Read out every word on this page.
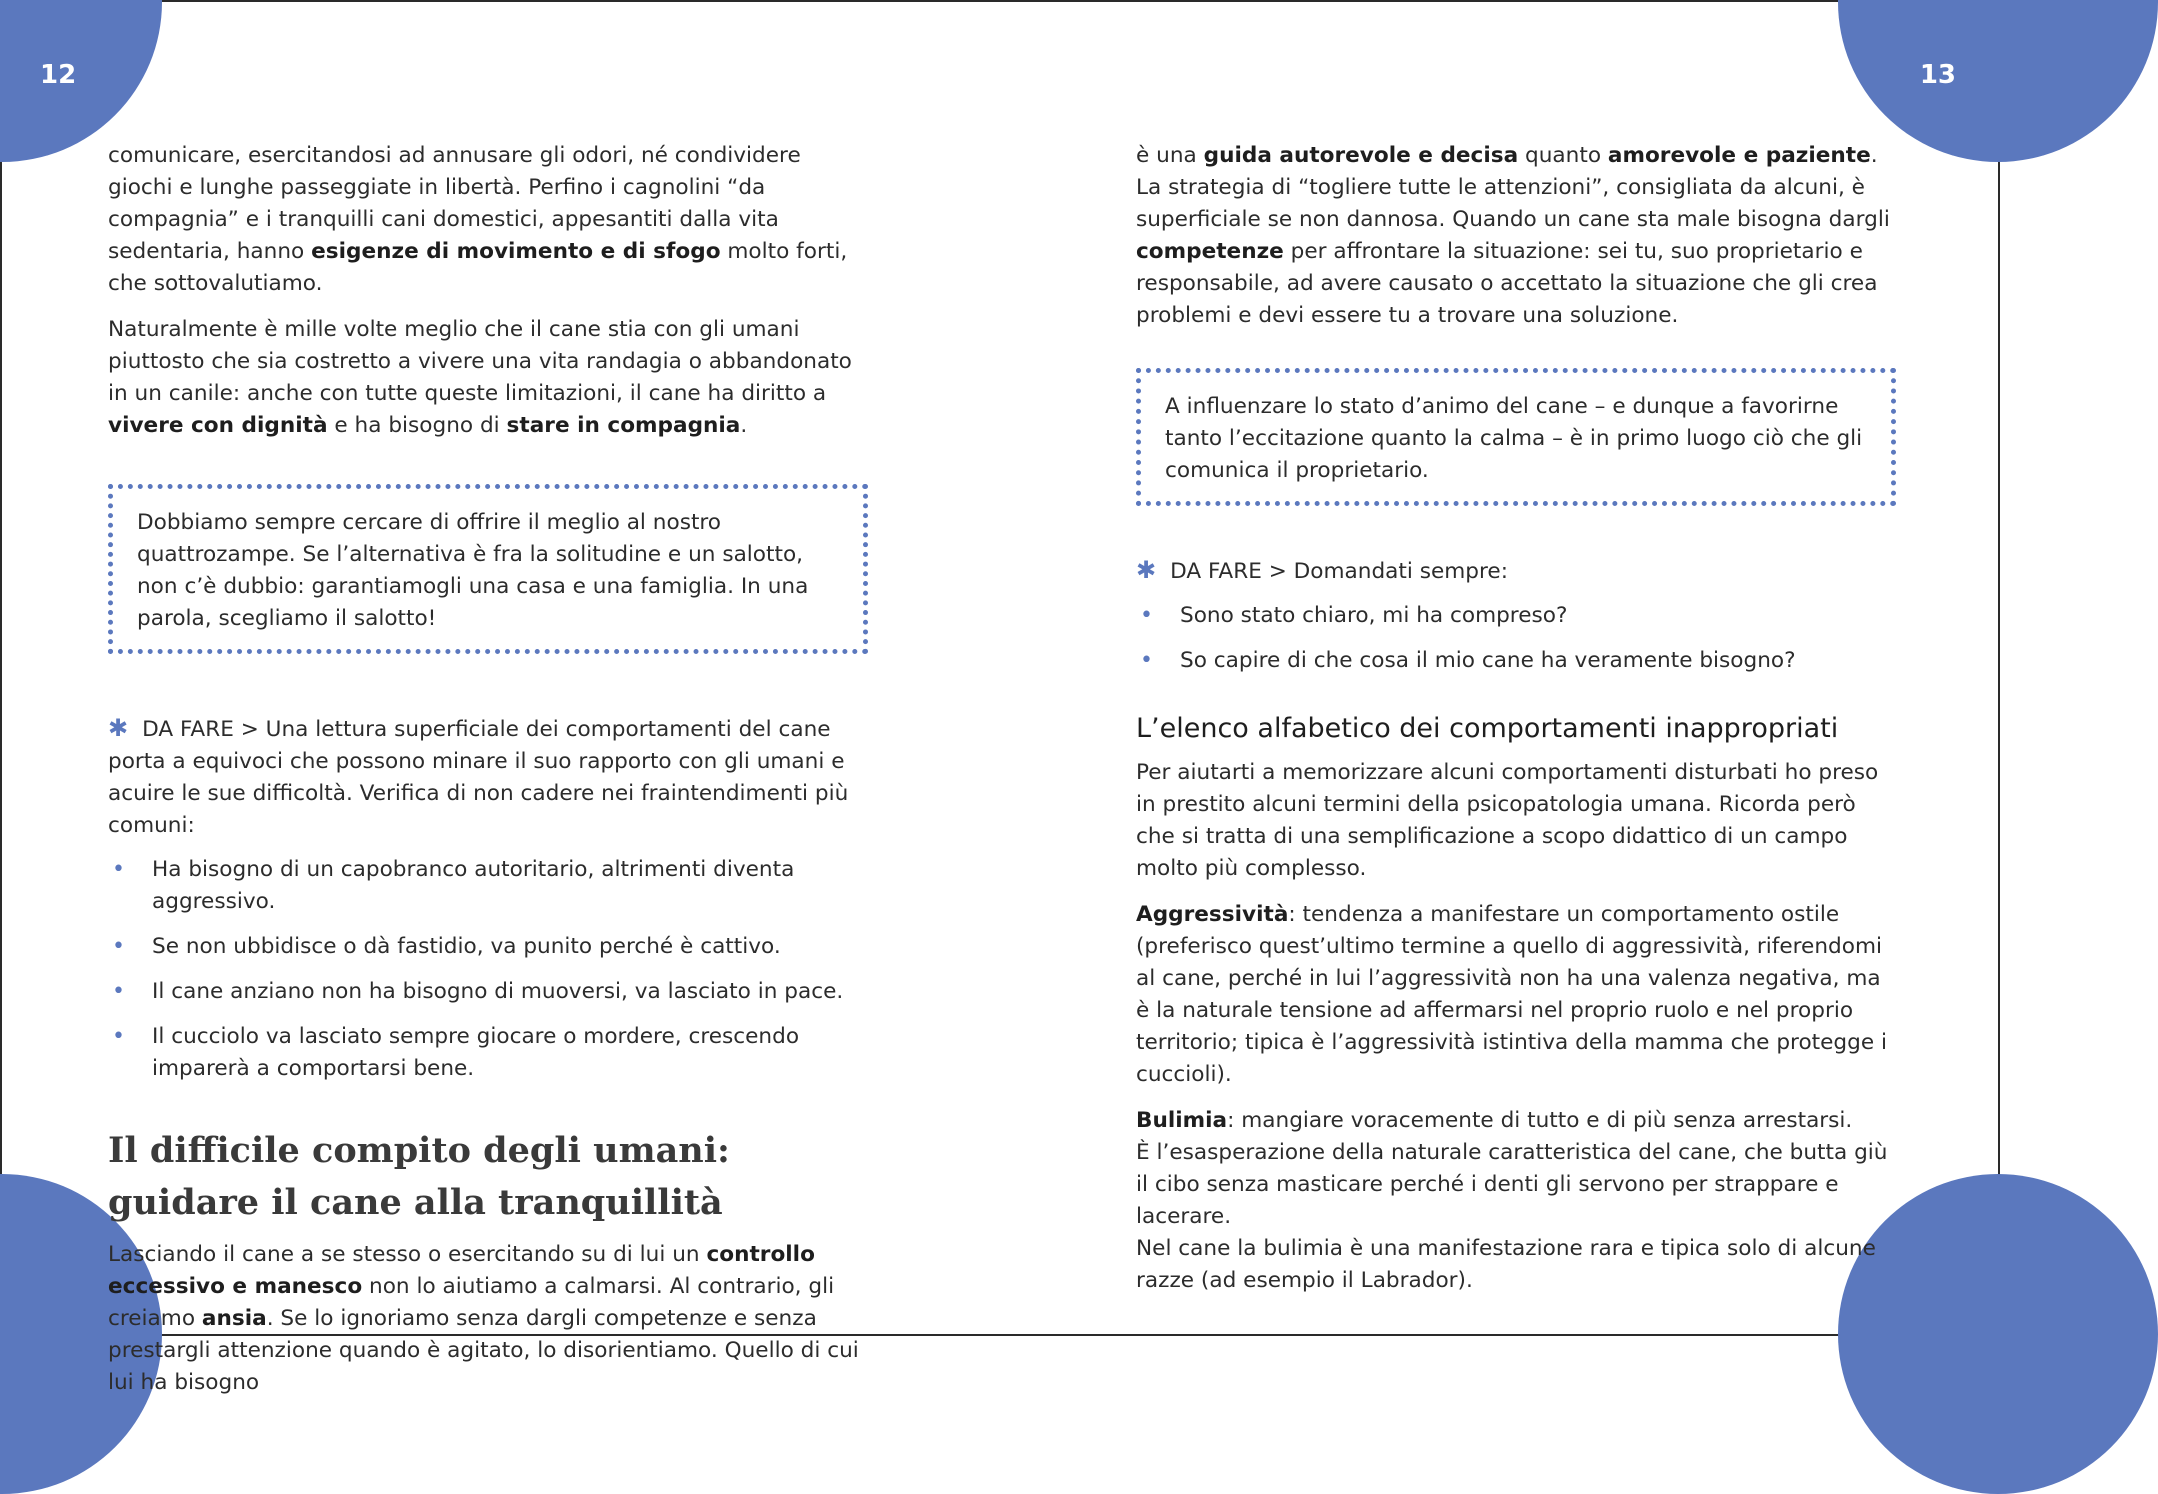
12	13

comunicare, esercitandosi ad annusare gli odori, né condividere giochi e lunghe passeggiate in libertà. Perfino i cagnolini “da compagnia” e i tranquilli cani domestici, appesantiti dalla vita sedentaria, hanno esigenze di movimento e di sfogo molto forti, che sottovalutiamo.

Naturalmente è mille volte meglio che il cane stia con gli umani piuttosto che sia costretto a vivere una vita randagia o abbandonato in un canile: anche con tutte queste limitazioni, il cane ha diritto a vivere con dignità e ha bisogno di stare in compagnia.

Dobbiamo sempre cercare di offrire il meglio al nostro quattrozampe. Se l’alternativa è fra la solitudine e un salotto, non c’è dubbio: garantiamogli una casa e una famiglia. In una parola, scegliamo il salotto!

✱ DA FARE > Una lettura superficiale dei comportamenti del cane porta a equivoci che possono minare il suo rapporto con gli umani e acuire le sue difficoltà. Verifica di non cadere nei fraintendimenti più comuni:

• Ha bisogno di un capobranco autoritario, altrimenti diventa aggressivo.
• Se non ubbidisce o dà fastidio, va punito perché è cattivo.
• Il cane anziano non ha bisogno di muoversi, va lasciato in pace.
• Il cucciolo va lasciato sempre giocare o mordere, crescendo imparerà a comportarsi bene.
Il difficile compito degli umani:
guidare il cane alla tranquillità

Lasciando il cane a se stesso o esercitando su di lui un controllo eccessivo e manesco non lo aiutiamo a calmarsi. Al contrario, gli creiamo ansia. Se lo ignoriamo senza dargli competenze e senza prestargli attenzione quando è agitato, lo disorientiamo. Quello di cui lui ha bisogno

è una guida autorevole e decisa quanto amorevole e paziente. La strategia di “togliere tutte le attenzioni”, consigliata da alcuni, è superficiale se non dannosa. Quando un cane sta male bisogna dargli competenze per affrontare la situazione: sei tu, suo proprietario e responsabile, ad avere causato o accettato la situazione che gli crea problemi e devi essere tu a trovare una soluzione.

A influenzare lo stato d’animo del cane – e dunque a favorirne tanto l’eccitazione quanto la calma – è in primo luogo ciò che gli comunica il proprietario.

✱ DA FARE > Domandati sempre:

• Sono stato chiaro, mi ha compreso?
• So capire di che cosa il mio cane ha veramente bisogno?
L’elenco alfabetico dei comportamenti inappropriati

Per aiutarti a memorizzare alcuni comportamenti disturbati ho preso in prestito alcuni termini della psicopatologia umana. Ricorda però che si tratta di una semplificazione a scopo didattico di un campo molto più complesso.

Aggressività: tendenza a manifestare un comportamento ostile (preferisco quest’ultimo termine a quello di aggressività, riferendomi al cane, perché in lui l’aggressività non ha una valenza negativa, ma è la naturale tensione ad affermarsi nel proprio ruolo e nel proprio territorio; tipica è l’aggressività istintiva della mamma che protegge i cuccioli).

Bulimia: mangiare voracemente di tutto e di più senza arrestarsi.
È l’esasperazione della naturale caratteristica del cane, che butta giù il cibo senza masticare perché i denti gli servono per strappare e lacerare.
Nel cane la bulimia è una manifestazione rara e tipica solo di alcune razze (ad esempio il Labrador).
